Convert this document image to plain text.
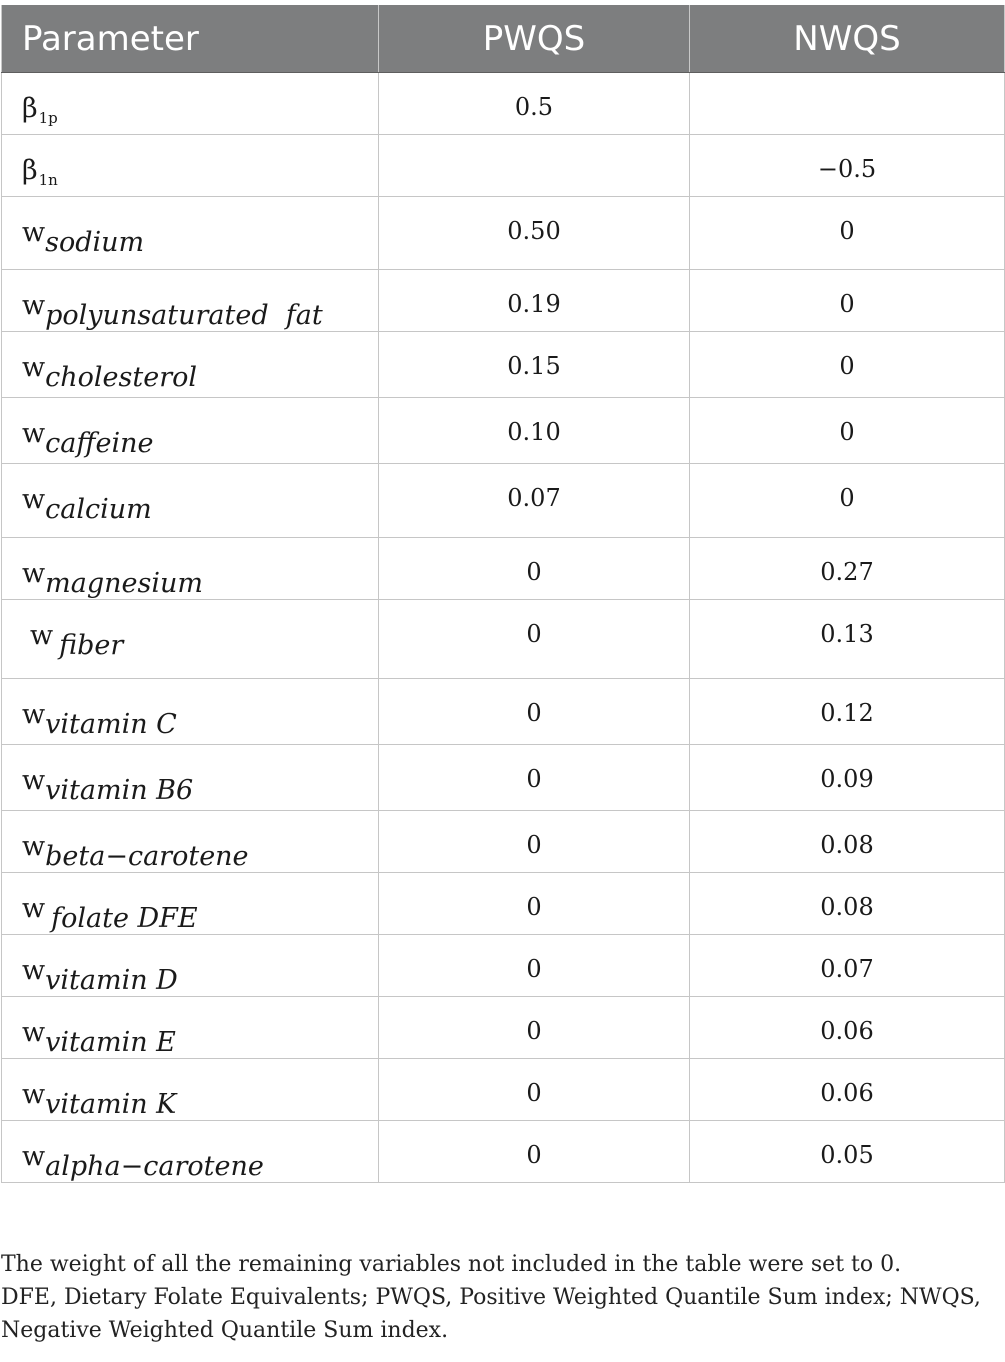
Parameter	PWQS	NWQS
$\beta_{1p}$	0.5	
$\beta_{1n}$		−0.5
wsodium	0.50	0
wpolyunsaturated  fat	0.19	0
wcholesterol	0.15	0
wcaffeine	0.10	0
wcalcium	0.07	0
wmagnesium	0	0.27
w fiber	0	0.13
wvitamin C	0	0.12
wvitamin B6	0	0.09
wbeta−carotene	0	0.08
w folate DFE	0	0.08
wvitamin D	0	0.07
wvitamin E	0	0.06
wvitamin K	0	0.06
walpha−carotene	0	0.05

The weight of all the remaining variables not included in the table were set to 0.

DFE, Dietary Folate Equivalents; PWQS, Positive Weighted Quantile Sum index; NWQS, Negative Weighted Quantile Sum index.
